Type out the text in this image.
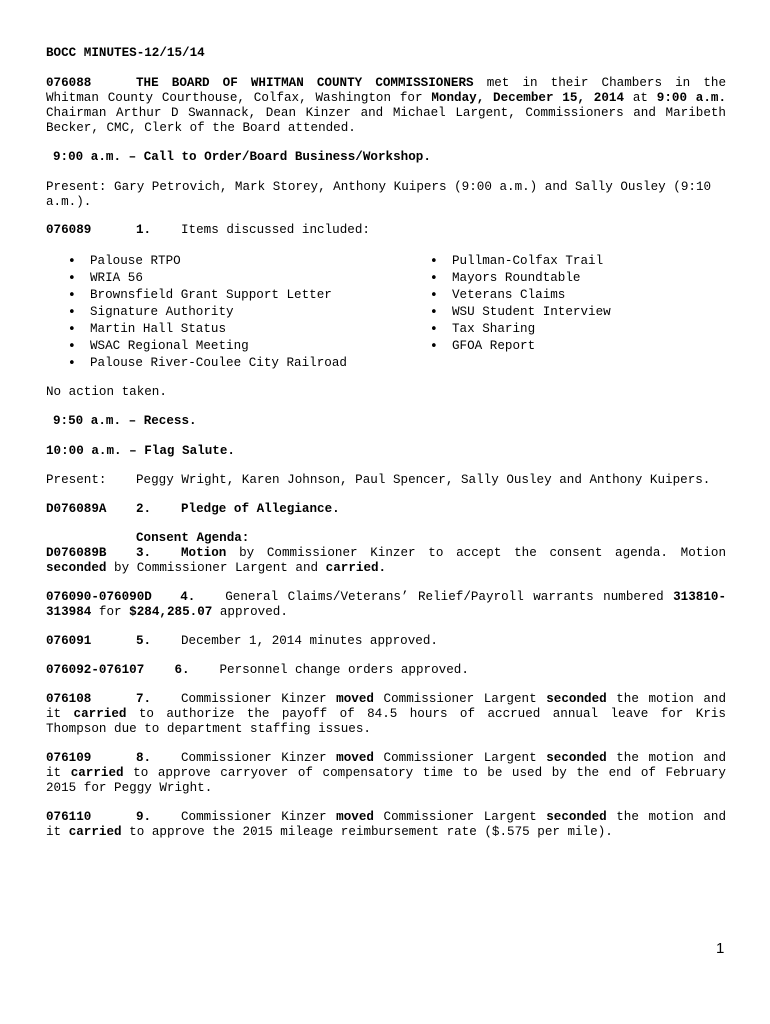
BOCC MINUTES-12/15/14
076088	THE BOARD OF WHITMAN COUNTY COMMISSIONERS met in their Chambers in the
Whitman County Courthouse, Colfax, Washington for Monday, December 15, 2014 at 9:00 a.m.
Chairman Arthur D Swannack, Dean Kinzer and Michael Largent, Commissioners and Maribeth
Becker, CMC, Clerk of the Board attended.
9:00 a.m. – Call to Order/Board Business/Workshop.
Present: Gary Petrovich, Mark Storey, Anthony Kuipers (9:00 a.m.) and Sally Ousley (9:10
a.m.).
076089	1. Items discussed included:
• Palouse RTPO
• WRIA 56
• Brownsfield Grant Support Letter
• Signature Authority
• Martin Hall Status
• WSAC Regional Meeting
• Palouse River-Coulee City Railroad
• Pullman-Colfax Trail
• Mayors Roundtable
• Veterans Claims
• WSU Student Interview
• Tax Sharing
• GFOA Report
No action taken.
9:50 a.m. – Recess.
10:00 a.m. – Flag Salute.
Present: Peggy Wright, Karen Johnson, Paul Spencer, Sally Ousley and Anthony Kuipers.
D076089A 2. Pledge of Allegiance.
Consent Agenda:
D076089B 3. Motion by Commissioner Kinzer to accept the consent agenda. Motion
seconded by Commissioner Largent and carried.
076090-076090D 4. General Claims/Veterans’ Relief/Payroll warrants numbered 313810-
313984 for $284,285.07 approved.
076091	5. December 1, 2014 minutes approved.
076092-076107 6. Personnel change orders approved.
076108	7. Commissioner Kinzer moved Commissioner Largent seconded the motion and
it carried to authorize the payoff of 84.5 hours of accrued annual leave for Kris
Thompson due to department staffing issues.
076109	8. Commissioner Kinzer moved Commissioner Largent seconded the motion and
it carried to approve carryover of compensatory time to be used by the end of February
2015 for Peggy Wright.
076110	9. Commissioner Kinzer moved Commissioner Largent seconded the motion and
it carried to approve the 2015 mileage reimbursement rate ($.575 per mile).
1
